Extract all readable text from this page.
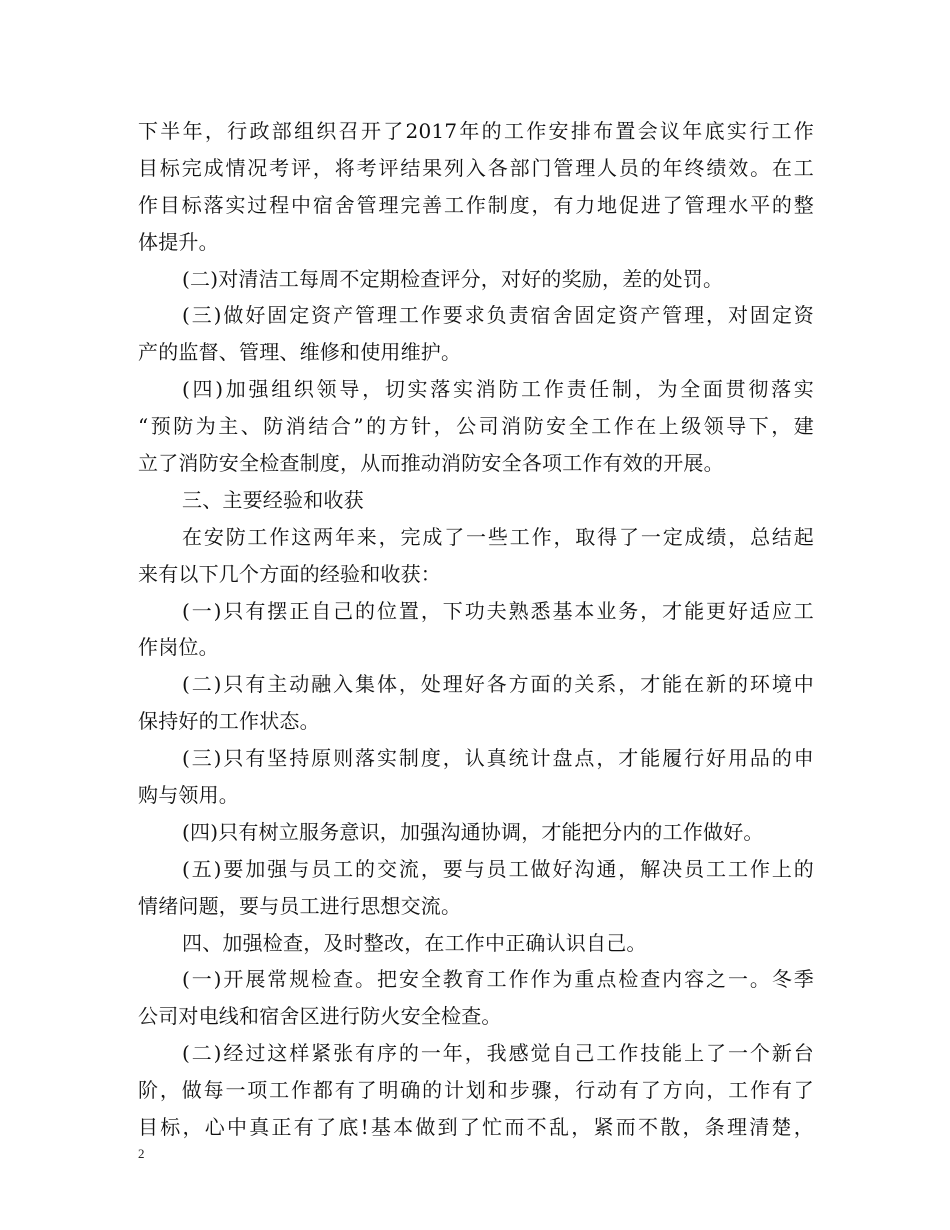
下半年，行政部组织召开了2017年的工作安排布置会议年底实行工作
目标完成情况考评，将考评结果列入各部门管理人员的年终绩效。在工
作目标落实过程中宿舍管理完善工作制度，有力地促进了管理水平的整
体提升。
(二)对清洁工每周不定期检查评分，对好的奖励，差的处罚。
(三)做好固定资产管理工作要求负责宿舍固定资产管理，对固定资
产的监督、管理、维修和使用维护。
(四)加强组织领导，切实落实消防工作责任制，为全面贯彻落实
“预防为主、防消结合”的方针，公司消防安全工作在上级领导下，建
立了消防安全检查制度，从而推动消防安全各项工作有效的开展。
三、主要经验和收获
在安防工作这两年来，完成了一些工作，取得了一定成绩，总结起
来有以下几个方面的经验和收获：
(一)只有摆正自己的位置，下功夫熟悉基本业务，才能更好适应工
作岗位。
(二)只有主动融入集体，处理好各方面的关系，才能在新的环境中
保持好的工作状态。
(三)只有坚持原则落实制度，认真统计盘点，才能履行好用品的申
购与领用。
(四)只有树立服务意识，加强沟通协调，才能把分内的工作做好。
(五)要加强与员工的交流，要与员工做好沟通，解决员工工作上的
情绪问题，要与员工进行思想交流。
四、加强检查，及时整改，在工作中正确认识自己。
(一)开展常规检查。把安全教育工作作为重点检查内容之一。冬季
公司对电线和宿舍区进行防火安全检查。
(二)经过这样紧张有序的一年，我感觉自己工作技能上了一个新台
阶，做每一项工作都有了明确的计划和步骤，行动有了方向，工作有了
目标，心中真正有了底!基本做到了忙而不乱，紧而不散，条理清楚，
2
